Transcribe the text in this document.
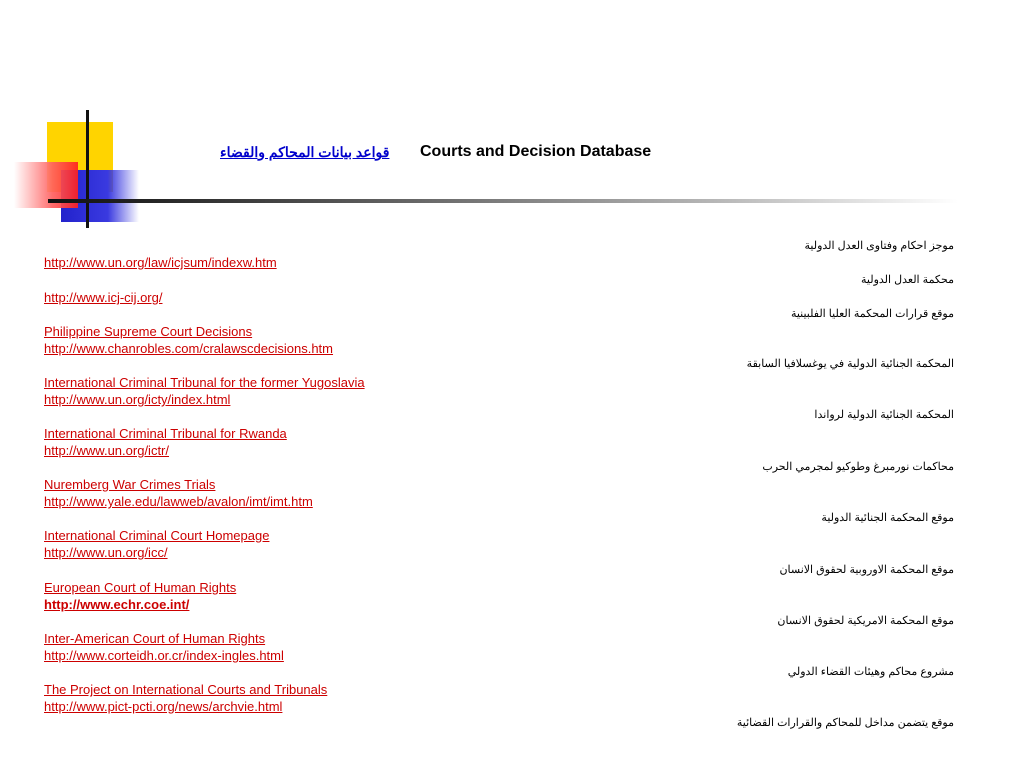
قواعد بيانات المحاكم والقضاء Courts and Decision Database
http://www.un.org/law/icjsum/indexw.htm
http://www.icj-cij.org/
Philippine Supreme Court Decisions
http://www.chanrobles.com/cralawscdecisions.htm
International Criminal Tribunal for the former Yugoslavia
http://www.un.org/icty/index.html
International Criminal Tribunal for Rwanda
http://www.un.org/ictr/
Nuremberg War Crimes Trials
http://www.yale.edu/lawweb/avalon/imt/imt.htm
International Criminal Court Homepage
http://www.un.org/icc/
European Court of Human Rights
http://www.echr.coe.int/
Inter-American Court of Human Rights
http://www.corteidh.or.cr/index-ingles.html
The Project on International Courts and Tribunals
http://www.pict-pcti.org/news/archvie.html
موجز احكام وفتاوى العدل الدولية
محكمة العدل الدولية
موقع قرارات المحكمة العليا الفلبينية
المحكمة الجنائية الدولية في يوغسلافيا السابقة
المحكمة الجنائية الدولية لرواندا
محاكمات نورمبرغ وطوكيو لمجرمي الحرب
موقع المحكمة الجنائية الدولية
موقع المحكمة الاوروبية لحقوق الانسان
موقع المحكمة الامريكية لحقوق الانسان
مشروع محاكم وهيئات القضاء الدولي
موقع يتضمن مداخل للمحاكم والقرارات القضائية
